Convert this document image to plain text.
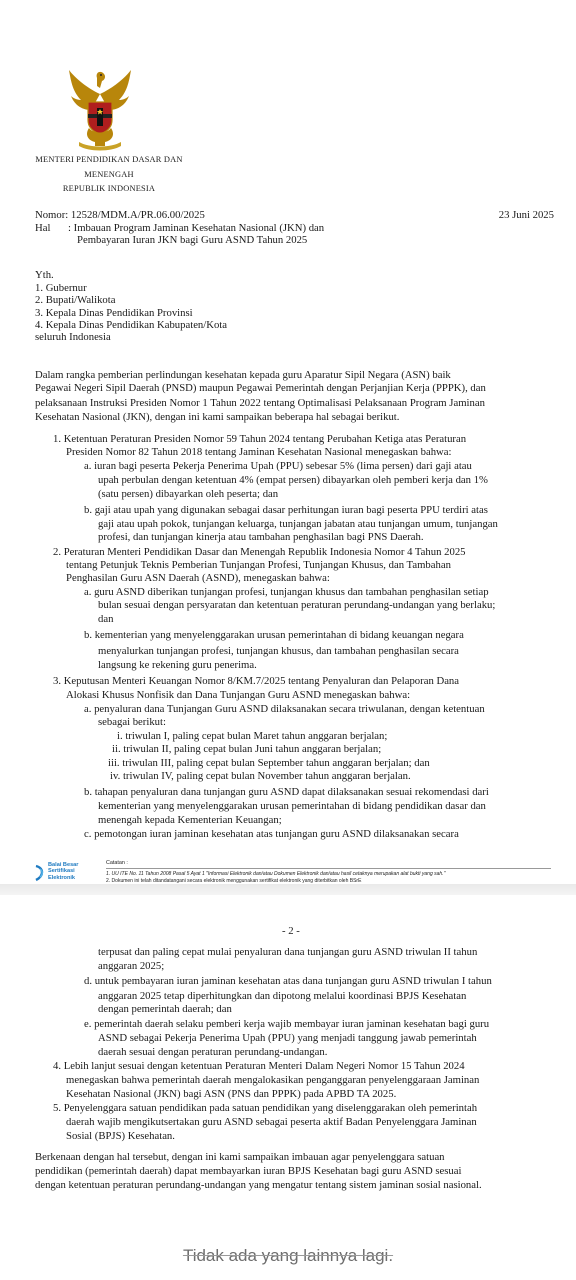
MENTERI PENDIDIKAN DASAR DAN
MENENGAH
REPUBLIK INDONESIA
Nomor: 12528/MDM.A/PR.06.00/2025	23 Juni 2025
Hal : Imbauan Program Jaminan Kesehatan Nasional (JKN) dan
Pembayaran Iuran JKN bagi Guru ASND Tahun 2025
Yth.
1. Gubernur
2. Bupati/Walikota
3. Kepala Dinas Pendidikan Provinsi
4. Kepala Dinas Pendidikan Kabupaten/Kota
seluruh Indonesia
Dalam rangka pemberian perlindungan kesehatan kepada guru Aparatur Sipil Negara (ASN) baik
Pegawai Negeri Sipil Daerah (PNSD) maupun Pegawai Pemerintah dengan Perjanjian Kerja (PPPK), dan
pelaksanaan Instruksi Presiden Nomor 1 Tahun 2022 tentang Optimalisasi Pelaksanaan Program Jaminan
Kesehatan Nasional (JKN), dengan ini kami sampaikan beberapa hal sebagai berikut.
1. Ketentuan Peraturan Presiden Nomor 59 Tahun 2024 tentang Perubahan Ketiga atas Peraturan
Presiden Nomor 82 Tahun 2018 tentang Jaminan Kesehatan Nasional menegaskan bahwa:
a. iuran bagi peserta Pekerja Penerima Upah (PPU) sebesar 5% (lima persen) dari gaji atau
upah perbulan dengan ketentuan 4% (empat persen) dibayarkan oleh pemberi kerja dan 1%
(satu persen) dibayarkan oleh peserta; dan
b. gaji atau upah yang digunakan sebagai dasar perhitungan iuran bagi peserta PPU terdiri atas
gaji atau upah pokok, tunjangan keluarga, tunjangan jabatan atau tunjangan umum, tunjangan
profesi, dan tunjangan kinerja atau tambahan penghasilan bagi PNS Daerah.
2. Peraturan Menteri Pendidikan Dasar dan Menengah Republik Indonesia Nomor 4 Tahun 2025
tentang Petunjuk Teknis Pemberian Tunjangan Profesi, Tunjangan Khusus, dan Tambahan
Penghasilan Guru ASN Daerah (ASND), menegaskan bahwa:
a. guru ASND diberikan tunjangan profesi, tunjangan khusus dan tambahan penghasilan setiap
bulan sesuai dengan persyaratan dan ketentuan peraturan perundang-undangan yang berlaku;
dan
b. kementerian yang menyelenggarakan urusan pemerintahan di bidang keuangan negara
menyalurkan tunjangan profesi, tunjangan khusus, dan tambahan penghasilan secara
langsung ke rekening guru penerima.
3. Keputusan Menteri Keuangan Nomor 8/KM.7/2025 tentang Penyaluran dan Pelaporan Dana
Alokasi Khusus Nonfisik dan Dana Tunjangan Guru ASND menegaskan bahwa:
a. penyaluran dana Tunjangan Guru ASND dilaksanakan secara triwulanan, dengan ketentuan
sebagai berikut:
i. triwulan I, paling cepat bulan Maret tahun anggaran berjalan;
ii. triwulan II, paling cepat bulan Juni tahun anggaran berjalan;
iii. triwulan III, paling cepat bulan September tahun anggaran berjalan; dan
iv. triwulan IV, paling cepat bulan November tahun anggaran berjalan.
b. tahapan penyaluran dana tunjangan guru ASND dapat dilaksanakan sesuai rekomendasi dari
kementerian yang menyelenggarakan urusan pemerintahan di bidang pendidikan dasar dan
menengah kepada Kementerian Keuangan;
c. pemotongan iuran jaminan kesehatan atas tunjangan guru ASND dilaksanakan secara
Balai Besar
Sertifikasi
Elektronik
Catatan :
1. UU ITE No. 11 Tahun 2008 Pasal 5 Ayat 1 "Informasi Elektronik dan/atau Dokumen Elektronik dan/atau hasil cetaknya merupakan alat bukti yang sah."
2. Dokumen ini telah ditandatangani secara elektronik menggunakan sertifikat elektronik yang diterbitkan oleh BSrE
- 2 -
terpusat dan paling cepat mulai penyaluran dana tunjangan guru ASND triwulan II tahun
anggaran 2025;
d. untuk pembayaran iuran jaminan kesehatan atas dana tunjangan guru ASND triwulan I tahun
anggaran 2025 tetap diperhitungkan dan dipotong melalui koordinasi BPJS Kesehatan
dengan pemerintah daerah; dan
e. pemerintah daerah selaku pemberi kerja wajib membayar iuran jaminan kesehatan bagi guru
ASND sebagai Pekerja Penerima Upah (PPU) yang menjadi tanggung jawab pemerintah
daerah sesuai dengan peraturan perundang-undangan.
4. Lebih lanjut sesuai dengan ketentuan Peraturan Menteri Dalam Negeri Nomor 15 Tahun 2024
menegaskan bahwa pemerintah daerah mengalokasikan penganggaran penyelenggaraan Jaminan
Kesehatan Nasional (JKN) bagi ASN (PNS dan PPPK) pada APBD TA 2025.
5. Penyelenggara satuan pendidikan pada satuan pendidikan yang diselenggarakan oleh pemerintah
daerah wajib mengikutsertakan guru ASND sebagai peserta aktif Badan Penyelenggara Jaminan
Sosial (BPJS) Kesehatan.
Berkenaan dengan hal tersebut, dengan ini kami sampaikan imbauan agar penyelenggara satuan
pendidikan (pemerintah daerah) dapat membayarkan iuran BPJS Kesehatan bagi guru ASND sesuai
dengan ketentuan peraturan perundang-undangan yang mengatur tentang sistem jaminan sosial nasional.
Tidak ada yang lainnya lagi.
